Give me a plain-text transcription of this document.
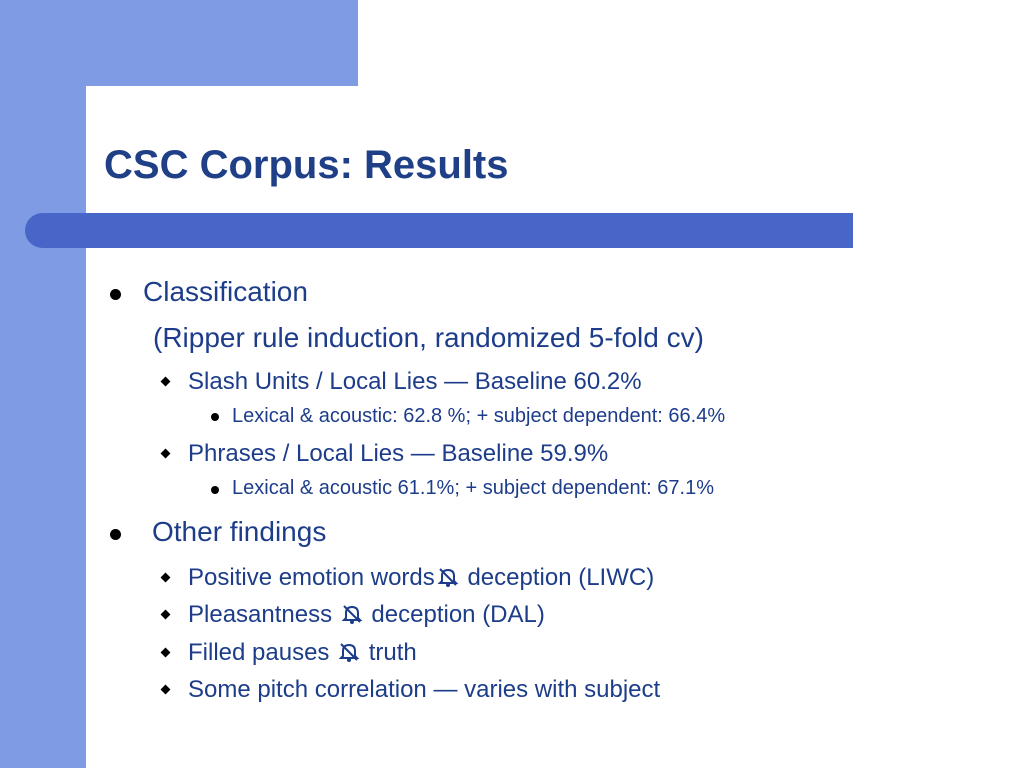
CSC Corpus: Results
Classification
(Ripper rule induction, randomized 5-fold cv)
Slash Units / Local Lies — Baseline 60.2%
Lexical & acoustic: 62.8 %; + subject dependent: 66.4%
Phrases / Local Lies — Baseline 59.9%
Lexical & acoustic 61.1%; + subject dependent: 67.1%
Other findings
Positive emotion words deception (LIWC)
Pleasantness  deception (DAL)
Filled pauses  truth
Some pitch correlation — varies with subject
